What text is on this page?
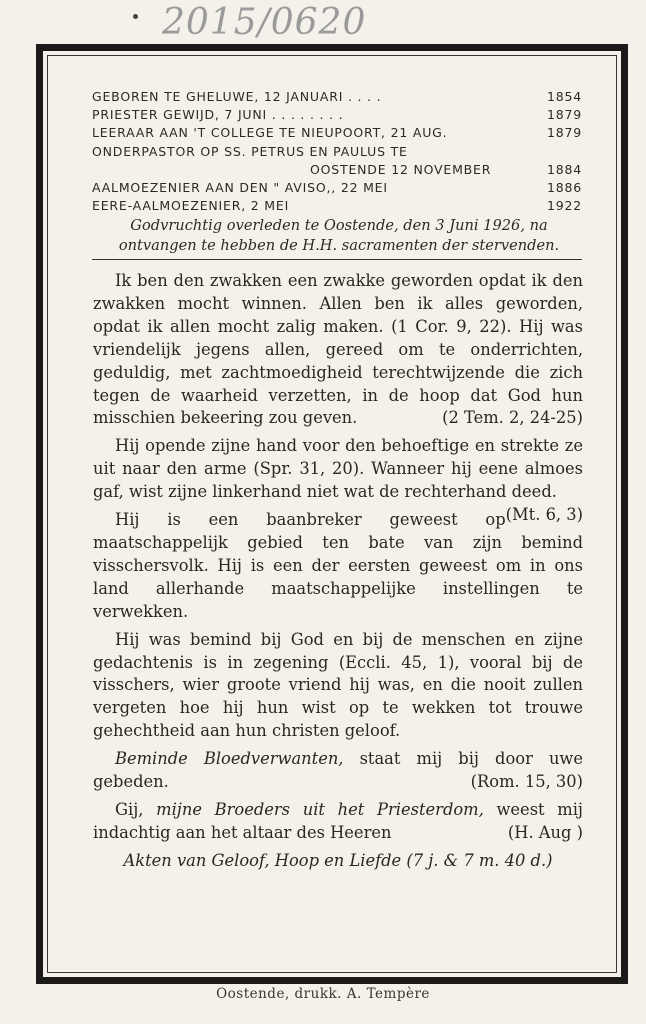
2015/0620
GEBOREN TE GHELUWE, 12 JANUARI . . . .	1854
PRIESTER GEWIJD, 7 JUNI . . . . . . . .	1879
LEERAAR AAN 'T COLLEGE TE NIEUPOORT, 21 AUG.	1879
ONDERPASTOR OP SS. PETRUS EN PAULUS TE
OOSTENDE 12 NOVEMBER	1884
AALMOEZENIER AAN DEN " AVISO,, 22 MEI	1886
EERE-AALMOEZENIER, 2 MEI	1922
Godvruchtig overleden te Oostende, den 3 Juni 1926, na
ontvangen te hebben de H.H. sacramenten der stervenden.

Ik ben den zwakken een zwakke geworden opdat ik den zwakken mocht winnen. Allen ben ik alles geworden, opdat ik allen mocht zalig maken. (1 Cor. 9, 22). Hij was vriendelijk jegens allen, gereed om te onderrichten, geduldig, met zachtmoedigheid terechtwijzende die zich tegen de waarheid verzetten, in de hoop dat God hun misschien bekeering zou geven.	(2 Tem. 2, 24-25)

Hij opende zijne hand voor den behoeftige en strekte ze uit naar den arme (Spr. 31, 20). Wanneer hij eene almoes gaf, wist zijne linkerhand niet wat de rechterhand deed.
(Mt. 6, 3)

Hij is een baanbreker geweest op maatschappelijk gebied ten bate van zijn bemind visschersvolk. Hij is een der eersten geweest om in ons land allerhande maatschappelijke instellingen te verwekken.

Hij was bemind bij God en bij de menschen en zijne gedachtenis is in zegening (Eccli. 45, 1), vooral bij de visschers, wier groote vriend hij was, en die nooit zullen vergeten hoe hij hun wist op te wekken tot trouwe gehechtheid aan hun christen geloof.

Beminde Bloedverwanten, staat mij bij door uwe gebeden.	(Rom. 15, 30)

Gij, mijne Broeders uit het Priesterdom, weest mij indachtig aan het altaar des Heeren	(H. Aug )

Akten van Geloof, Hoop en Liefde (7 j. & 7 m. 40 d.)

Oostende, drukk. A. Tempère
